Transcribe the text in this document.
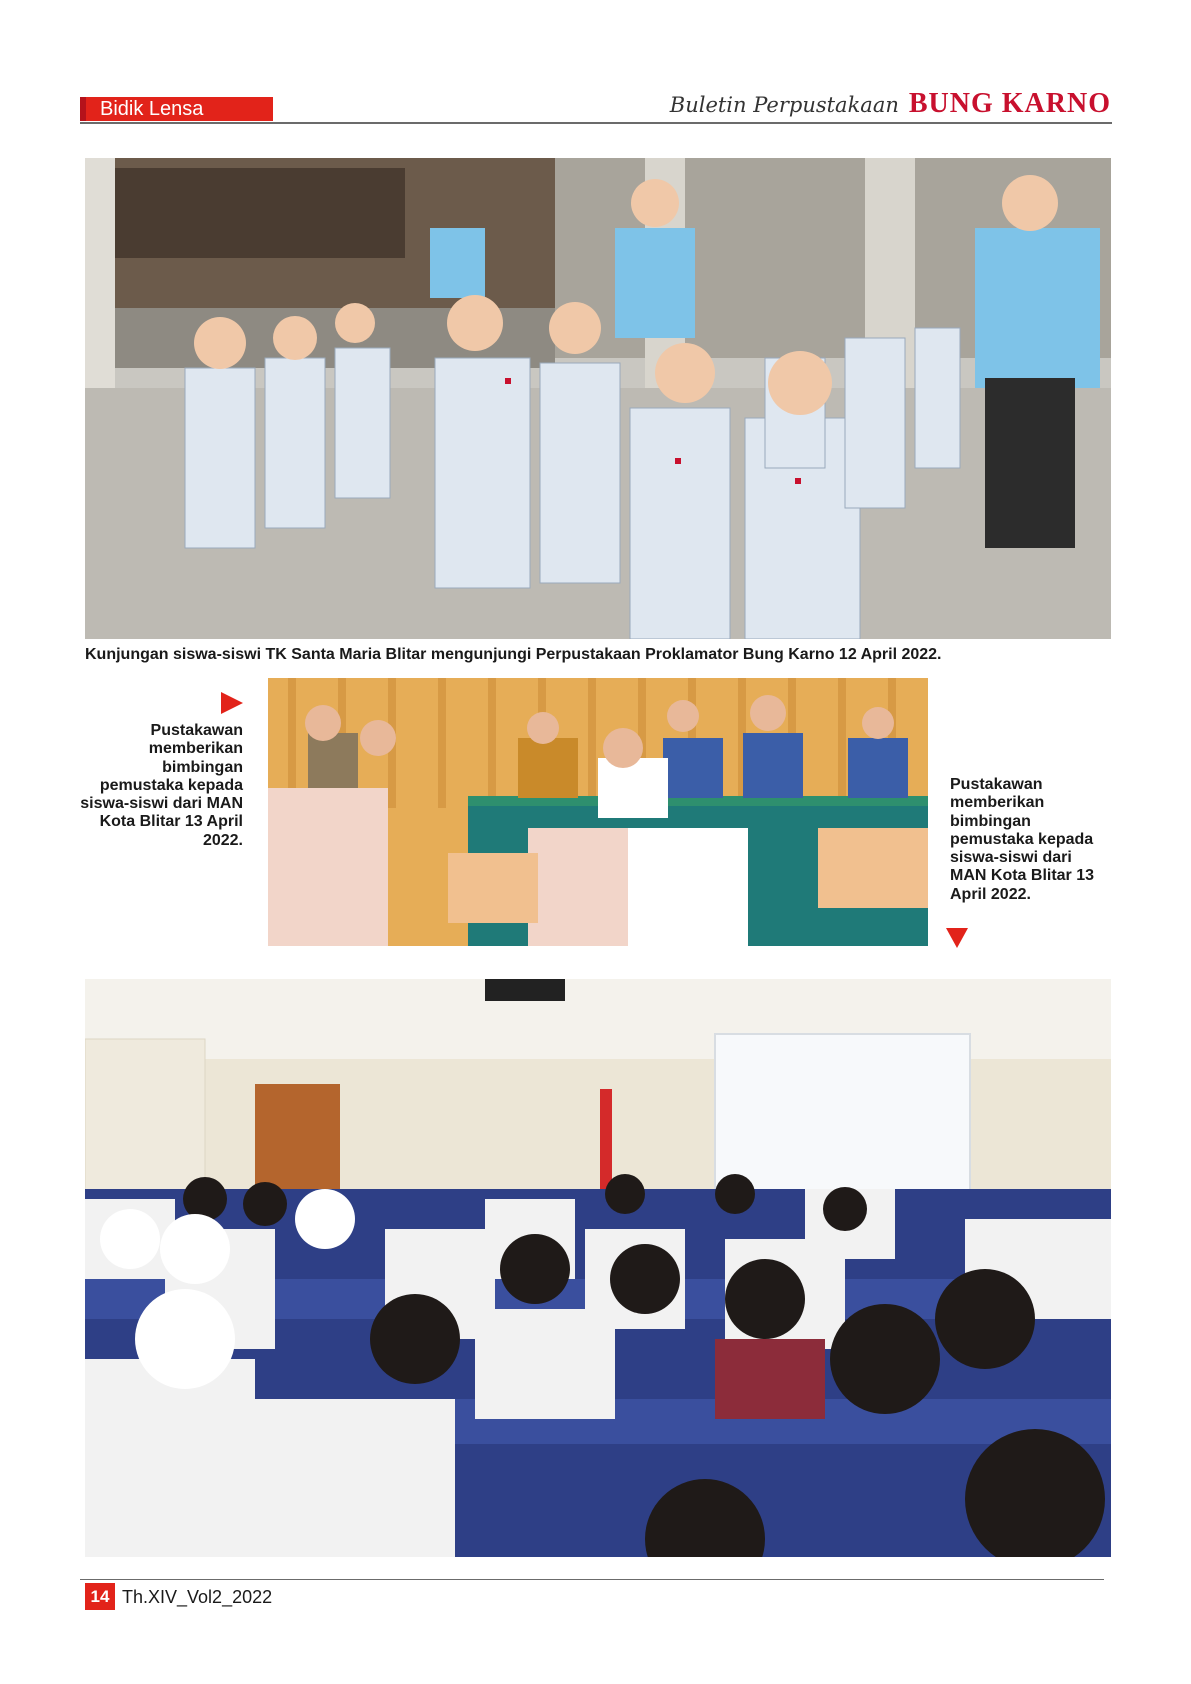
Bidik Lensa	Buletin Perpustakaan BUNG KARNO
Kunjungan siswa-siswi TK Santa Maria Blitar mengunjungi Perpustakaan Proklamator Bung Karno 12 April 2022.
Pustakawan memberikan bimbingan pemustaka kepada siswa-siswi dari MAN Kota Blitar 13 April 2022.
Pustakawan memberikan bimbingan pemustaka kepada siswa-siswi dari MAN Kota Blitar 13 April 2022.
14 Th.XIV_Vol2_2022
